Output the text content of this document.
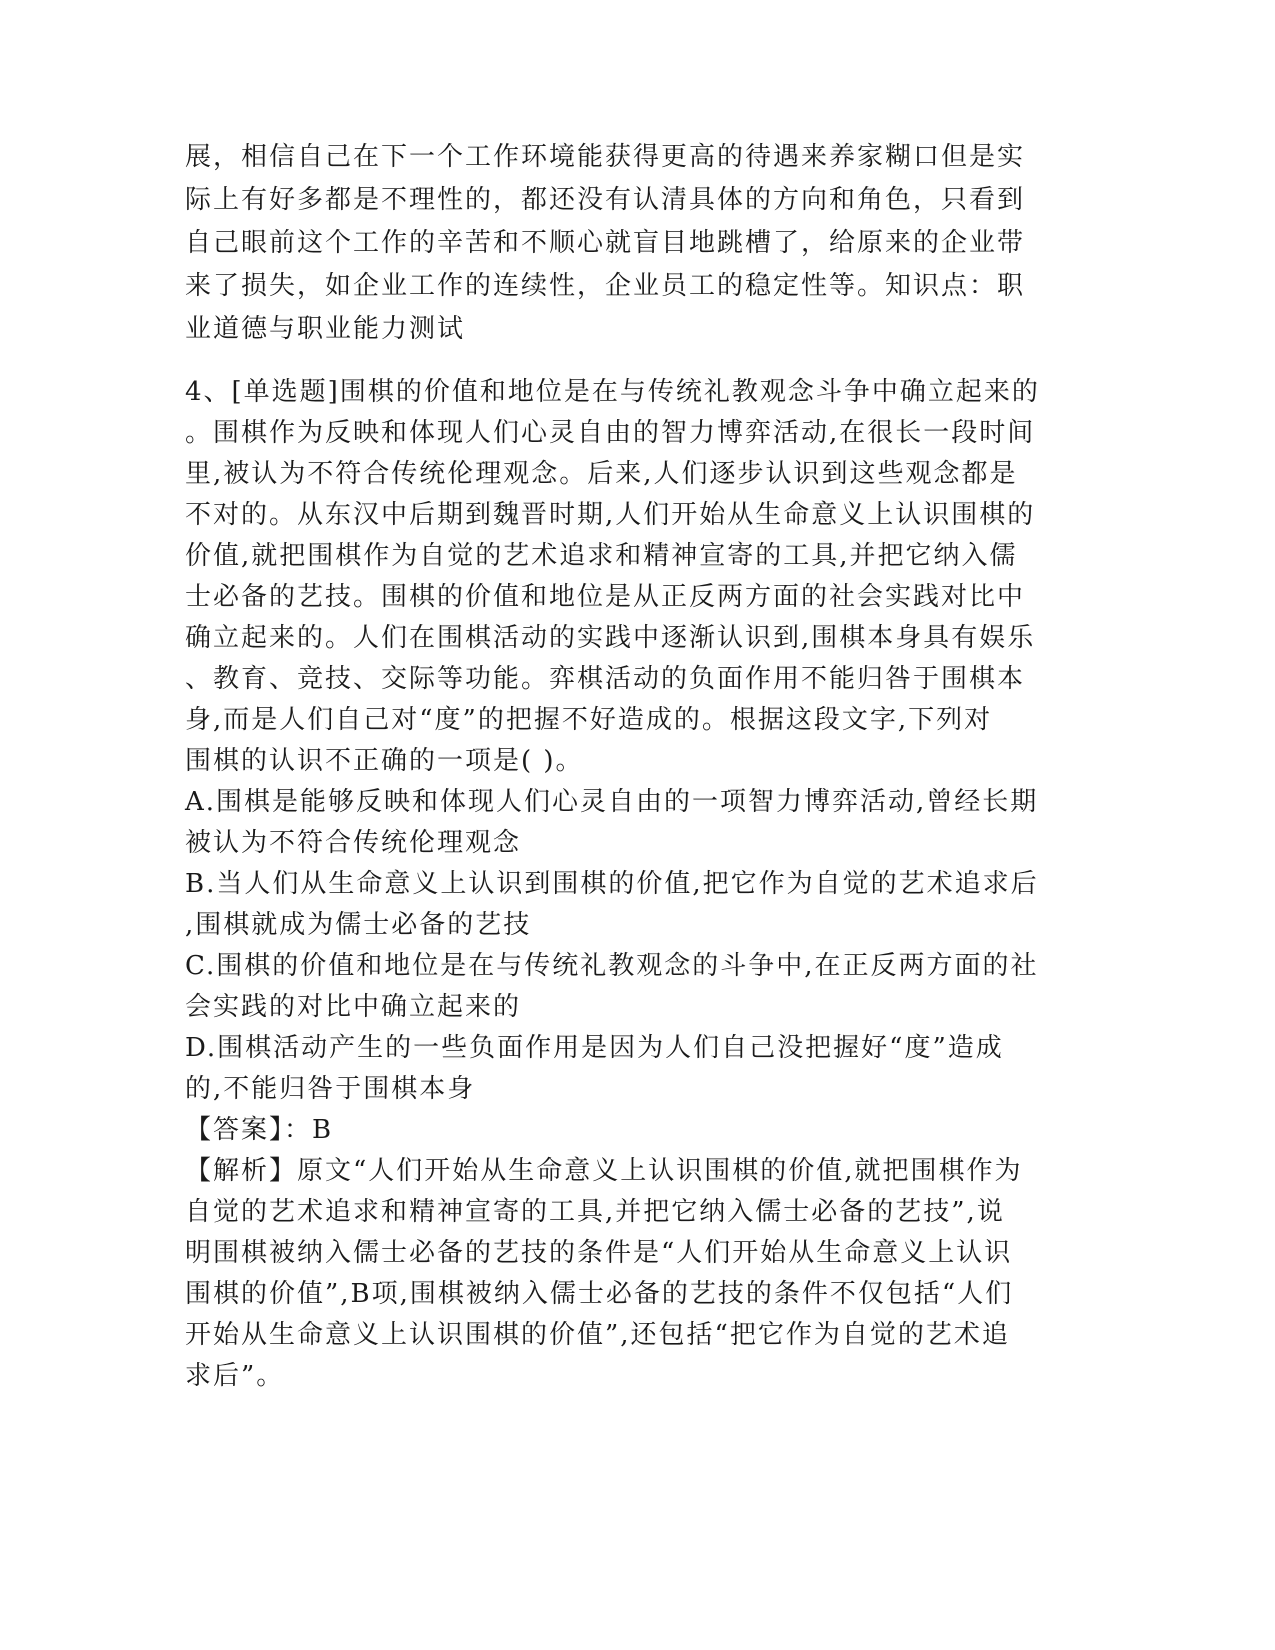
展，相信自己在下一个工作环境能获得更高的待遇来养家糊口但是实

际上有好多都是不理性的，都还没有认清具体的方向和角色，只看到

自己眼前这个工作的辛苦和不顺心就盲目地跳槽了，给原来的企业带

来了损失，如企业工作的连续性，企业员工的稳定性等。知识点：职

业道德与职业能力测试

4、[单选题]围棋的价值和地位是在与传统礼教观念斗争中确立起来的

。围棋作为反映和体现人们心灵自由的智力博弈活动,在很长一段时间

里,被认为不符合传统伦理观念。后来,人们逐步认识到这些观念都是

不对的。从东汉中后期到魏晋时期,人们开始从生命意义上认识围棋的

价值,就把围棋作为自觉的艺术追求和精神宣寄的工具,并把它纳入儒

士必备的艺技。围棋的价值和地位是从正反两方面的社会实践对比中

确立起来的。人们在围棋活动的实践中逐渐认识到,围棋本身具有娱乐

、教育、竞技、交际等功能。弈棋活动的负面作用不能归咎于围棋本

身,而是人们自己对“度”的把握不好造成的。根据这段文字,下列对

围棋的认识不正确的一项是( )。

A.围棋是能够反映和体现人们心灵自由的一项智力博弈活动,曾经长期

被认为不符合传统伦理观念

B.当人们从生命意义上认识到围棋的价值,把它作为自觉的艺术追求后

,围棋就成为儒士必备的艺技

C.围棋的价值和地位是在与传统礼教观念的斗争中,在正反两方面的社

会实践的对比中确立起来的

D.围棋活动产生的一些负面作用是因为人们自己没把握好“度”造成

的,不能归咎于围棋本身

【答案】：B

【解析】原文“人们开始从生命意义上认识围棋的价值,就把围棋作为

自觉的艺术追求和精神宣寄的工具,并把它纳入儒士必备的艺技”,说

明围棋被纳入儒士必备的艺技的条件是“人们开始从生命意义上认识

围棋的价值”,B项,围棋被纳入儒士必备的艺技的条件不仅包括“人们

开始从生命意义上认识围棋的价值”,还包括“把它作为自觉的艺术追

求后”。
